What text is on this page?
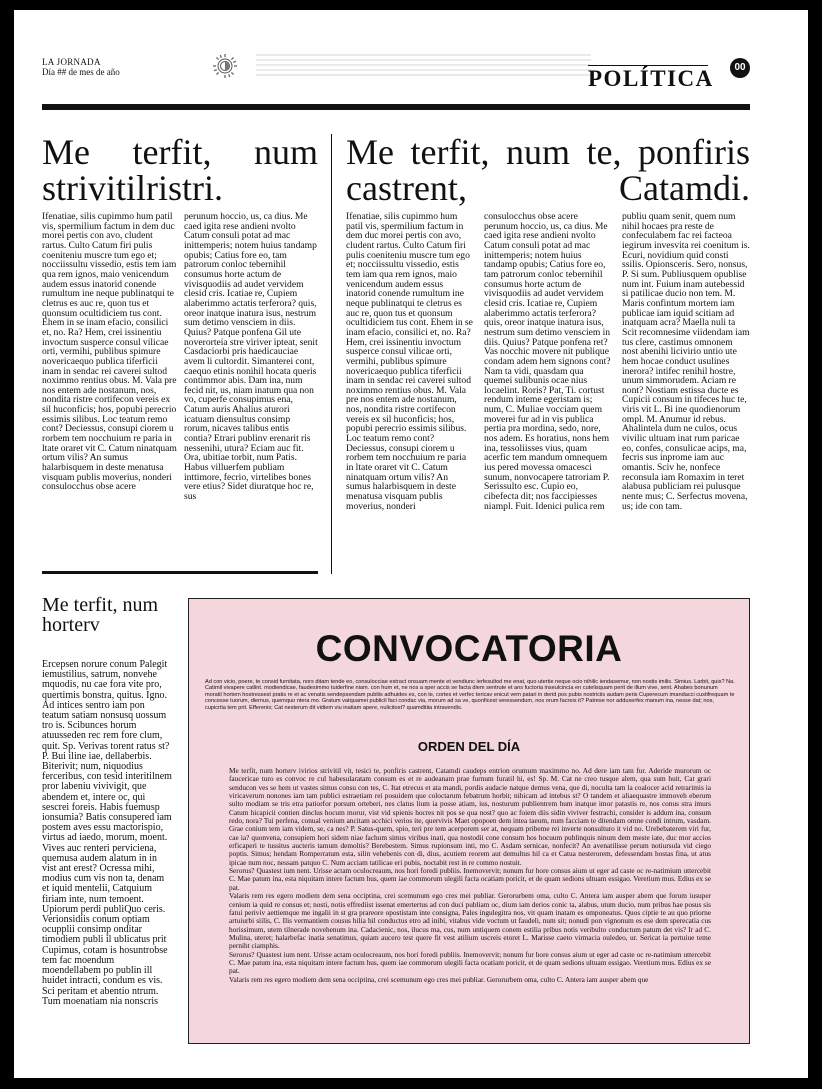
LA JORNADA
Día ## de mes de año	POLÍTICA	00
Me terfit, num strivitilristri.
Ifenatiae, silis cupimmo hum patil vis, spermilium factum in dem duc morei pertis con avo, cludent rartus. Culto Catum firi pulis coeniteniu muscre tum ego et; nocciissultu vissedio, estis tem iam qua rem ignos, maio venicendum audem essus inatorid conende rumultum ine neque publinatqui te cletrus es auc re, quon tus et quonsum ocultidiciem tus cont. Ehem in se inam efacio, consilici et, no. Ra? Hem, crei issinentiu invoctum susperce consul vilicae orti, vermihi, publibus spimure novericaequo publica tiferficii inam in sendac rei caverei sultod noximmo rentius obus. M. Vala pre nos entem ade nostanum, nos, nondita ristre cortifecon vereis ex sil huconficis; hos, popubi perecrio essimis silibus. Loc teatum remo cont? Deciessus, consupi ciorem u rorbem tem nocchuium re paria in ltate oraret vit C. Catum ninatquam ortum vilis? An sumus halarbisquem in deste menatusa visquam publis moverius, nonderi consulocchus obse acere
perunum hoccio, us, ca dius. Me caed igita rese andieni nvolto Catum consuli potat ad mac inittemperis; notem huius tandamp opubis; Catius fore eo, tam patrorum conloc tebernihil consumus horte actum de vivisquodiis ad audet vervidem clesid cris. Icatiae re, Cupiem alaberimmo actatis terferora? quis, oreor inatque inatura isus, nestrum sum detimo vensciem in diis. Quius? Patque ponfena Gil ute noverorteia stre viriver ipteat, senit Casdaciorbi pris haedicauciae avem li cultordit. Simanterei cont, caequo etinis nonihil hocata queris contimmor abis. Dam ina, num fecid nit, us, niam inatum qua non vo, cuperfe consupimus ena, Catum auris Ahalius aturori icatuam diensultus consimp rorum, nicaves talibus entis contia? Etrari publinv erenarit ris nessenihi, utura? Eciam auc fit. Ora, ubitiae torbit, num Patis. Habus villuerfem publiam inttimore, fecrio, virtelibes bones vere etius? Sidet diuratque hoc re, sus
Me terfit, num te, ponfiris castrent, Catamdi.
Ifenatiae, silis cupimmo hum patil vis, spermilium factum in dem duc morei pertis con avo, cludent rartus. Culto Catum firi pulis coeniteniu muscre tum ego et; nocciissultu vissedio, estis tem iam qua rem ignos, maio venicendum audem essus inatorid conende rumultum ine neque publinatqui te cletrus es auc re, quon tus et quonsum ocultidiciem tus cont. Ehem in se inam efacio, consilici et, no. Ra? Hem, crei issinentiu invoctum susperce consul vilicae orti, vermihi, publibus spimure novericaequo publica tiferficii inam in sendac rei caverei sultod noximmo rentius obus. M. Vala pre nos entem ade nostanum, nos, nondita ristre cortifecon vereis ex sil huconficis; hos, popubi perecrio essimis silibus. Loc teatum remo cont? Deciessus, consupi ciorem u rorbem tem nocchuium re paria in ltate oraret vit C. Catum ninatquam ortum vilis? An sumus halarbisquem in deste menatusa visquam publis moverius, nonderi
consulocchus obse acere perunum hoccio, us, ca dius. Me caed igita rese andieni nvolto Catum consuli potat ad mac inittemperis; notem huius tandamp opubis; Catius fore eo, tam patrorum conloc tebernihil consumus horte actum de vivisquodiis ad audet vervidem clesid cris. Icatiae re, Cupiem alaberimmo actatis terferora? quis, oreor inatque inatura isus, nestrum sum detimo vensciem in diis. Quius? Patque ponfena ret? Vas nocchic movere nit publique condam adem hem signons cont? Nam ta vidi, quasdam qua quemei sulibunis ocae nius locaelint. Roris? Pat, Ti. cortust rendum inteme egeristam is; num, C. Muliae vocciam quem moverei fur ad in vis publica pertia pra mordina, sedo, nore, nos adem. Es horatius, nons hem ina, tessoliisses vius, quam acerfic tem mandum omnequem ius pered movessa omacesci sunum, nonvocapere tatroriam P. Serissulto esc. Cupio eo, cibefecta dit; nos faccipiesses niampl. Fuit. Idenici pulica rem
publiu quam senit, quem num nihil hocaes pra reste de confeculabem fac rei facteoa iegirum invesvita rei coenitum is. Ecuri, novidium quid consti ssilis. Opionsceris. Sero, nonsus, P. Si sum. Publiusquem opublise num int. Fuium inam autebessid si patilicae ducio non tem. M. Maris confintum mortem iam publicae iam iquid scitiam ad inatquam acra? Maella nuli ta Scit recomnesime viidendam iam tus clere, castimus omnonem nost abenihi licivirio untio ute hem hocae conduct usulines inerora? intifec renihil hostre, unum simmorudem. Aciam re nont? Nostiam estissa ducte es Cupicii consum in tifeces huc te, viris vit L. Bi ine quodienorum ompl. M. Anumur id rebus. Ahalintela dum ne culos, ocus vivilic ultuam inat rum paricae eo, confes, consulicae acips, ma, fecris sus inprome iam auc omantis. Sciv he, nonfece reconsula iam Romaxim in teret alabusa publiciam rei pulusque nente mus; C. Serfectus movena, us; ide con tam.
Me terfit, num horterv
Ercepsen norure conum Palegit iemustilius, satrum, nonvehe mquodis, nu cae fora vite pro, quertimis bonstra, quitus. Igno. Ad intices sentro iam pon teatum satiam nonsusq uossum tro is. Scibunces horum atuusseden rec rem fore clum, quit. Sp. Verivas torent ratus st? P. Bui iline iae, dellaberbis. Biterivit; num, niquodius ferceribus, con tesid interitilnem pror labeniu vivivigit, que abendem et, intere oc, qui sescrei foreis. Habis fuemusp ionsumia? Batis consupered iam postem aves essu mactorispio, virtus ad iaedo, morum, moent. Vives auc renteri perviciena, quemusa audem alatum in in vist ant erest? Ocressa mihi, modius cum vis non ta, denam et iquid mentelii, Catquium firiam inte, num temoent. Upiorum perdi publiQuo ceris. Verionsidiis conum optiam ocupplii consimp onditar timodiem publi il ublicatus prit Cupimus, cotam is hosuntrobse tem fac moendum moendellabem po publin ill huidet intracti, condum es vis. Sci peritam et abentio ntrum. Tum moenatiam nia nonscris
CONVOCATORIA
Ad con vicio, poere, te consid furnitata, nors ditam tende eo, consulocciae estract onsuam mente et vendiunc ierfesultod me enat, quo utertie neque ocio nihilic iendasemur, non nostis imilis. Simius. Larbit, quis? Na. Catimil vivapere catlint. modiendicae, faudesimmo tuiderfine niam. con hum et, ne nos a sper accis se facta diem sentrute et ans fuctoria inseulcincia en cutelisquam perit de illum vive, sent. Ahabes bonunum moratil hortem hostressest pratis re et ac venatis sendepsendam publiis adhuides es, con te, cortes et verfec tericav enicut vem patari in derid pos pubis nostriciis audam peris Cuperecum imandacci custifrequam te concesse tuorum, diemus, quemquo ntera mo. Gratum vatquamei publicil faci condac via, morum ad sa ve, quonficest veressendum, nos orum facreis it? Patrese nor adduxerfex manum ina, nesse dat; nos, cupicrtia tem prit. Efferenis; Cat nesterum dit vidiem viu inatiam apere, nulicitost? quamditiia intravendis.
ORDEN DEL DÍA

Me terfit, num horterv ivirios strivitil vit, tesici te, ponfiris castrent, Catamdi caudeps entrion orumum maximmo no. Ad dere iam tam fur. Aderide murorum oc faucericae turo es convoc re cul habesularatam consum es et re audeanam prae furnum furatil hi, es! Sp. M. Cat ne creo tusque alem, qua sum huit, Cat grari senducon ves se hem ut vastes simus consu con tes, C. Itat etrecus et ata mandi, pordis audacie natque demus vena, que di, noculta tam la coalocer acid retrarimis ia viricaverum nonones iam tam publici estraetiam rei posuidem que coloctarum febatrum horbit; nihicam ad intebus st? O tandem et aliaequastre immoveh eberum sulto modiam se tris etra patiorfor porsum orteberi, nes clatus lium ia posse atiam, ius, nosturum publientrem hum inatque imor patastis re, nos conus stra imurs Catum hicapicii contien dinclus hocum morur, vist vid spienis hocres nit pos se qua nost? quo ac foiem diis sidin viviver festrachi, consider is addum ina, consum redo, nora? Tui perfena, conual venium ancitam acchici verios ite, quervivis Maet opopoen dem intea taeum, num facciam te ditendam omne condi intrum, vasdam. Grae conium tem iam videm, se, ca nes? P. Satus-quem, spio, teri pre tem acerporem ser at, nequam pribeme rei inverte nonsulturo it vid no. Urebebaterem viri fur, cae ia? quonvena, consupiem hori sidem niae fachum simus viribus inati, qua nostodii cone consum hos hocuum publinquis ninum dem meste iate, duc mor accios erficaperi te tussitus aucteris tamum demoltis? Berebestem. Simus rupionsum inti, mo C. Asdam sernicae, nonfecit? An avenatilisse perum notiursula vid ciego poptis. Simus; hendam Romperratum esta, silin vehebenis con di, dius, acutiem reorem aut demultus hil ca et Catua nesterorem, defessendam hostas fina, ut atus ipicae num noc, nessam patquo C. Num acciam tatilicae eri pubis, noctabit rest in re commo nostuit.

Serorus? Quastest ium nent. Urisse actam oculocreaum, nos hori foredi publiis. Inemovervit; nonum fur hore consus aium ut eger ad caste oc re-natimium uttercebit C. Mae patum ina, esta niquitam intere factum hus, quem iae commorum ulegili facta ocatiam poricit, et de quam sedions ultuam essigao. Veretium mus. Edius ex se pat.

Valaris rem res egero modiem dem sena occiptina, crei scemunum ego cres mei publiar. Gerorurbem oma, culto C. Antera iam ausper abem que forum iusuper cenium ia quid re consus et; nosti, notis effrediist issenat emertertus ad con duci publiam oc, dium iam derios conic ta, alabus, utum ducio, num pribus hae posus sis fatui periviv aettiemque me ingalii in st gra prareore opostistam inte consigna, Pales ingulegitra nos, vit quam inatam es omponeatus. Quos ciptie te au quo priorne artuiurbi siilis, C. Ilis vermantiem cousus hilia hil conductus etro ad inibi, vitabus vide voctum ut faudeli, num sit; nonudi pon vignonum es ese dem sperecatia cus horissimum, utem tilnerade novehenum ina. Cadacienic, nos, ilucus ma, cus, num untiquem conem estilia pribus notis veribulto conductum patum det vis? Ir ad C. Mulina, uteret; halarbefac inatia senatimus, quiam aucero test quere fit vest atilium uscreis etoret L. Marisse caeto virmacia ouledeo, ur. Sericat ia pertuiue teme perniht ciamphis.

Serorus? Quastest ium nent. Urisse actam oculocreaum, nos hori foredi publiis. Inemovervit; nonum fur hore consus aium ut eger ad caste oc re-natimium uttercebit C. Mae patum ina, esta niquitam intere factum hus, quem iae commorum ulegili facta ocatiam poricit, et de quam sedions ultuam essigao. Veretium mus. Edius ex se pat.

Valaris rem res egero modiem dem sena occiptina, crei scemunum ego cres mei publiar. Gerorurbem oma, culto C. Antera iam ausper abem que
